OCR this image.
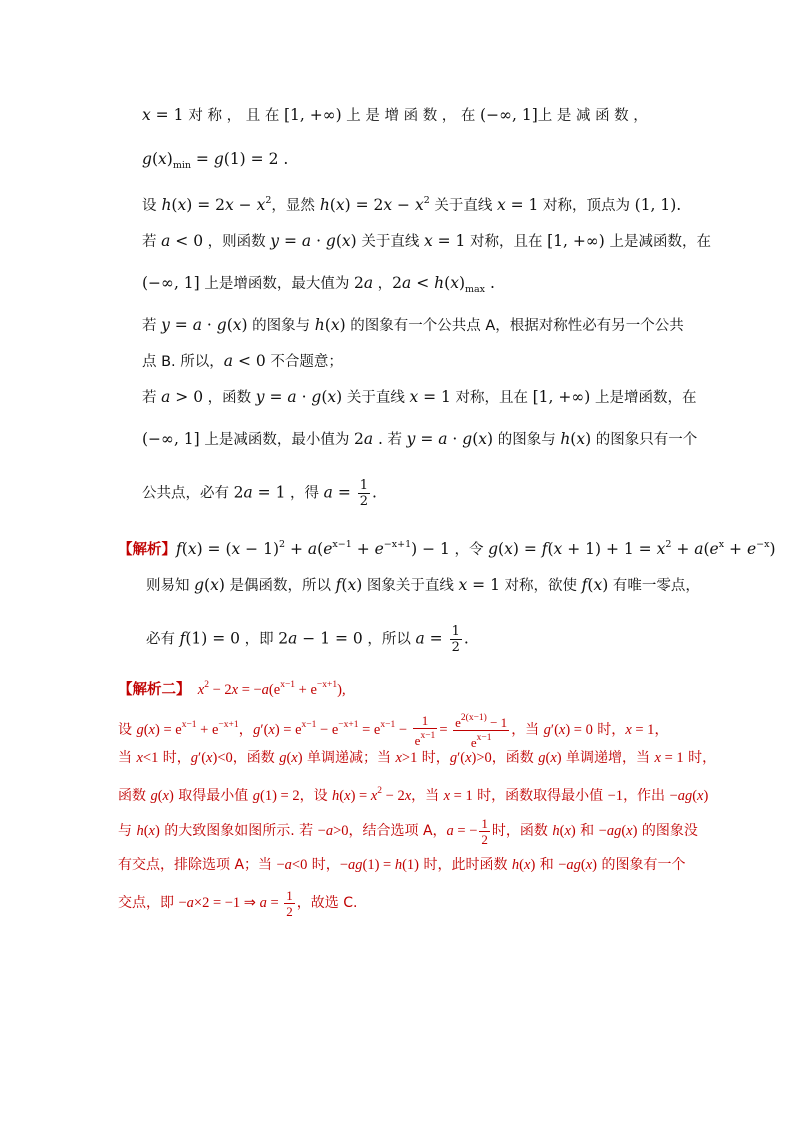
x = 1 对 称 ， 且 在 [1, +∞) 上 是 增 函 数 ， 在 (−∞, 1]上 是 减 函 数 ，
$g(x)_{min} = g(1) = 2$ .
设 $h(x) = 2x - x^2$，显然 $h(x) = 2x - x^2$ 关于直线 x = 1 对称，顶点为 (1, 1).
若 a < 0 ，则函数 y = a · g(x) 关于直线 x = 1 对称，且在 [1, +∞) 上是减函数，在
(−∞, 1] 上是增函数，最大值为 2a ，$2a < h(x)_{max}$ .
若 y = a · g(x) 的图象与 h(x) 的图象有一个公共点 A，根据对称性必有另一个公共
点 B. 所以，a < 0 不合题意；
若 a > 0 ，函数 y = a · g(x) 关于直线 x = 1 对称，且在 [1, +∞) 上是增函数，在
(−∞, 1] 上是减函数，最小值为 2a . 若 y = a · g(x) 的图象与 h(x) 的图象只有一个
公共点，必有 2a = 1 ，得 $a = \frac{1}{2}$ .
【解析】$f(x) = (x - 1)^2 + a(e^{x-1} + e^{-x+1}) - 1$ ，令 $g(x) = f(x + 1) + 1 = x^2 + a(e^x + e^{-x})$
则易知 g(x) 是偶函数，所以 f(x) 图象关于直线 x = 1 对称，欲使 f(x) 有唯一零点，
必有 f(1) = 0 ，即 2a − 1 = 0 ，所以 $a = \frac{1}{2}$ .
【解析二】 $x^2 - 2x = -a(e^{x-1} + e^{-x+1})$,
设 $g(x) = e^{x-1} + e^{-x+1}$，$g'(x) = e^{x-1} - e^{-x+1} = e^{x-1} - \frac{1}{e^{x-1}} = \frac{e^{2(x-1)} - 1}{e^{x-1}}$ ，当 g′(x) = 0 时，x = 1，
当 x<1 时，g′(x)<0，函数 g(x) 单调递减；当 x>1 时，g′(x)>0，函数 g(x) 单调递增，当 x = 1 时，
函数 g(x) 取得最小值 g(1) = 2，设 $h(x) = x^2 - 2x$，当 x = 1 时，函数取得最小值 −1，作出 −ag(x)
与 h(x) 的大致图象如图所示. 若 −a>0，结合选项 A，a = − $\frac{1}{2}$ 时，函数 h(x) 和 −ag(x) 的图象没
有交点，排除选项 A；当 −a<0 时，−ag(1) = h(1) 时，此时函数 h(x) 和 −ag(x) 的图象有一个
交点，即 −a×2 = −1 ⇒ $a = \frac{1}{2}$ ，故选 C.
